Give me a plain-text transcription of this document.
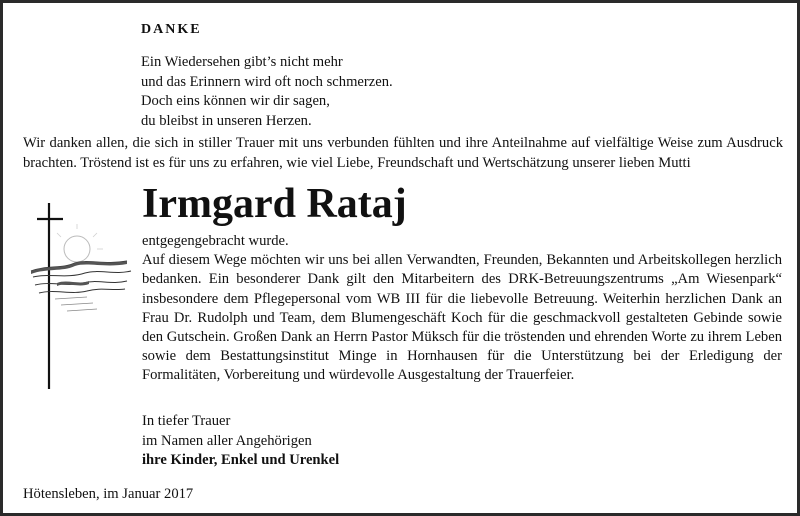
DANKE
Ein Wiedersehen gibt’s nicht mehr
und das Erinnern wird oft noch schmerzen.
Doch eins können wir dir sagen,
du bleibst in unseren Herzen.
Wir danken allen, die sich in stiller Trauer mit uns verbunden fühlten und ihre Anteilnahme auf vielfältige Weise zum Ausdruck brachten. Tröstend ist es für uns zu erfahren, wie viel Liebe, Freundschaft und Wertschätzung unserer lieben Mutti
Irmgard Rataj
entgegengebracht wurde.
Auf diesem Wege möchten wir uns bei allen Verwandten, Freunden, Bekannten und Arbeitskollegen herzlich bedanken. Ein besonderer Dank gilt den Mitarbeitern des DRK-Betreuungszentrums „Am Wiesenpark“ insbesondere dem Pflegepersonal vom WB III für die liebevolle Betreuung. Weiterhin herzlichen Dank an Frau Dr. Rudolph und Team, dem Blumengeschäft Koch für die geschmackvoll gestalteten Gebinde sowie den Gutschein. Großen Dank an Herrn Pastor Müksch für die tröstenden und ehrenden Worte zu ihrem Leben sowie dem Bestattungsinstitut Minge in Hornhausen für die Unterstützung bei der Erledigung der Formalitäten, Vorbereitung und würdevolle Ausgestaltung der Trauerfeier.
In tiefer Trauer
im Namen aller Angehörigen
ihre Kinder, Enkel und Urenkel
Hötensleben, im Januar 2017
